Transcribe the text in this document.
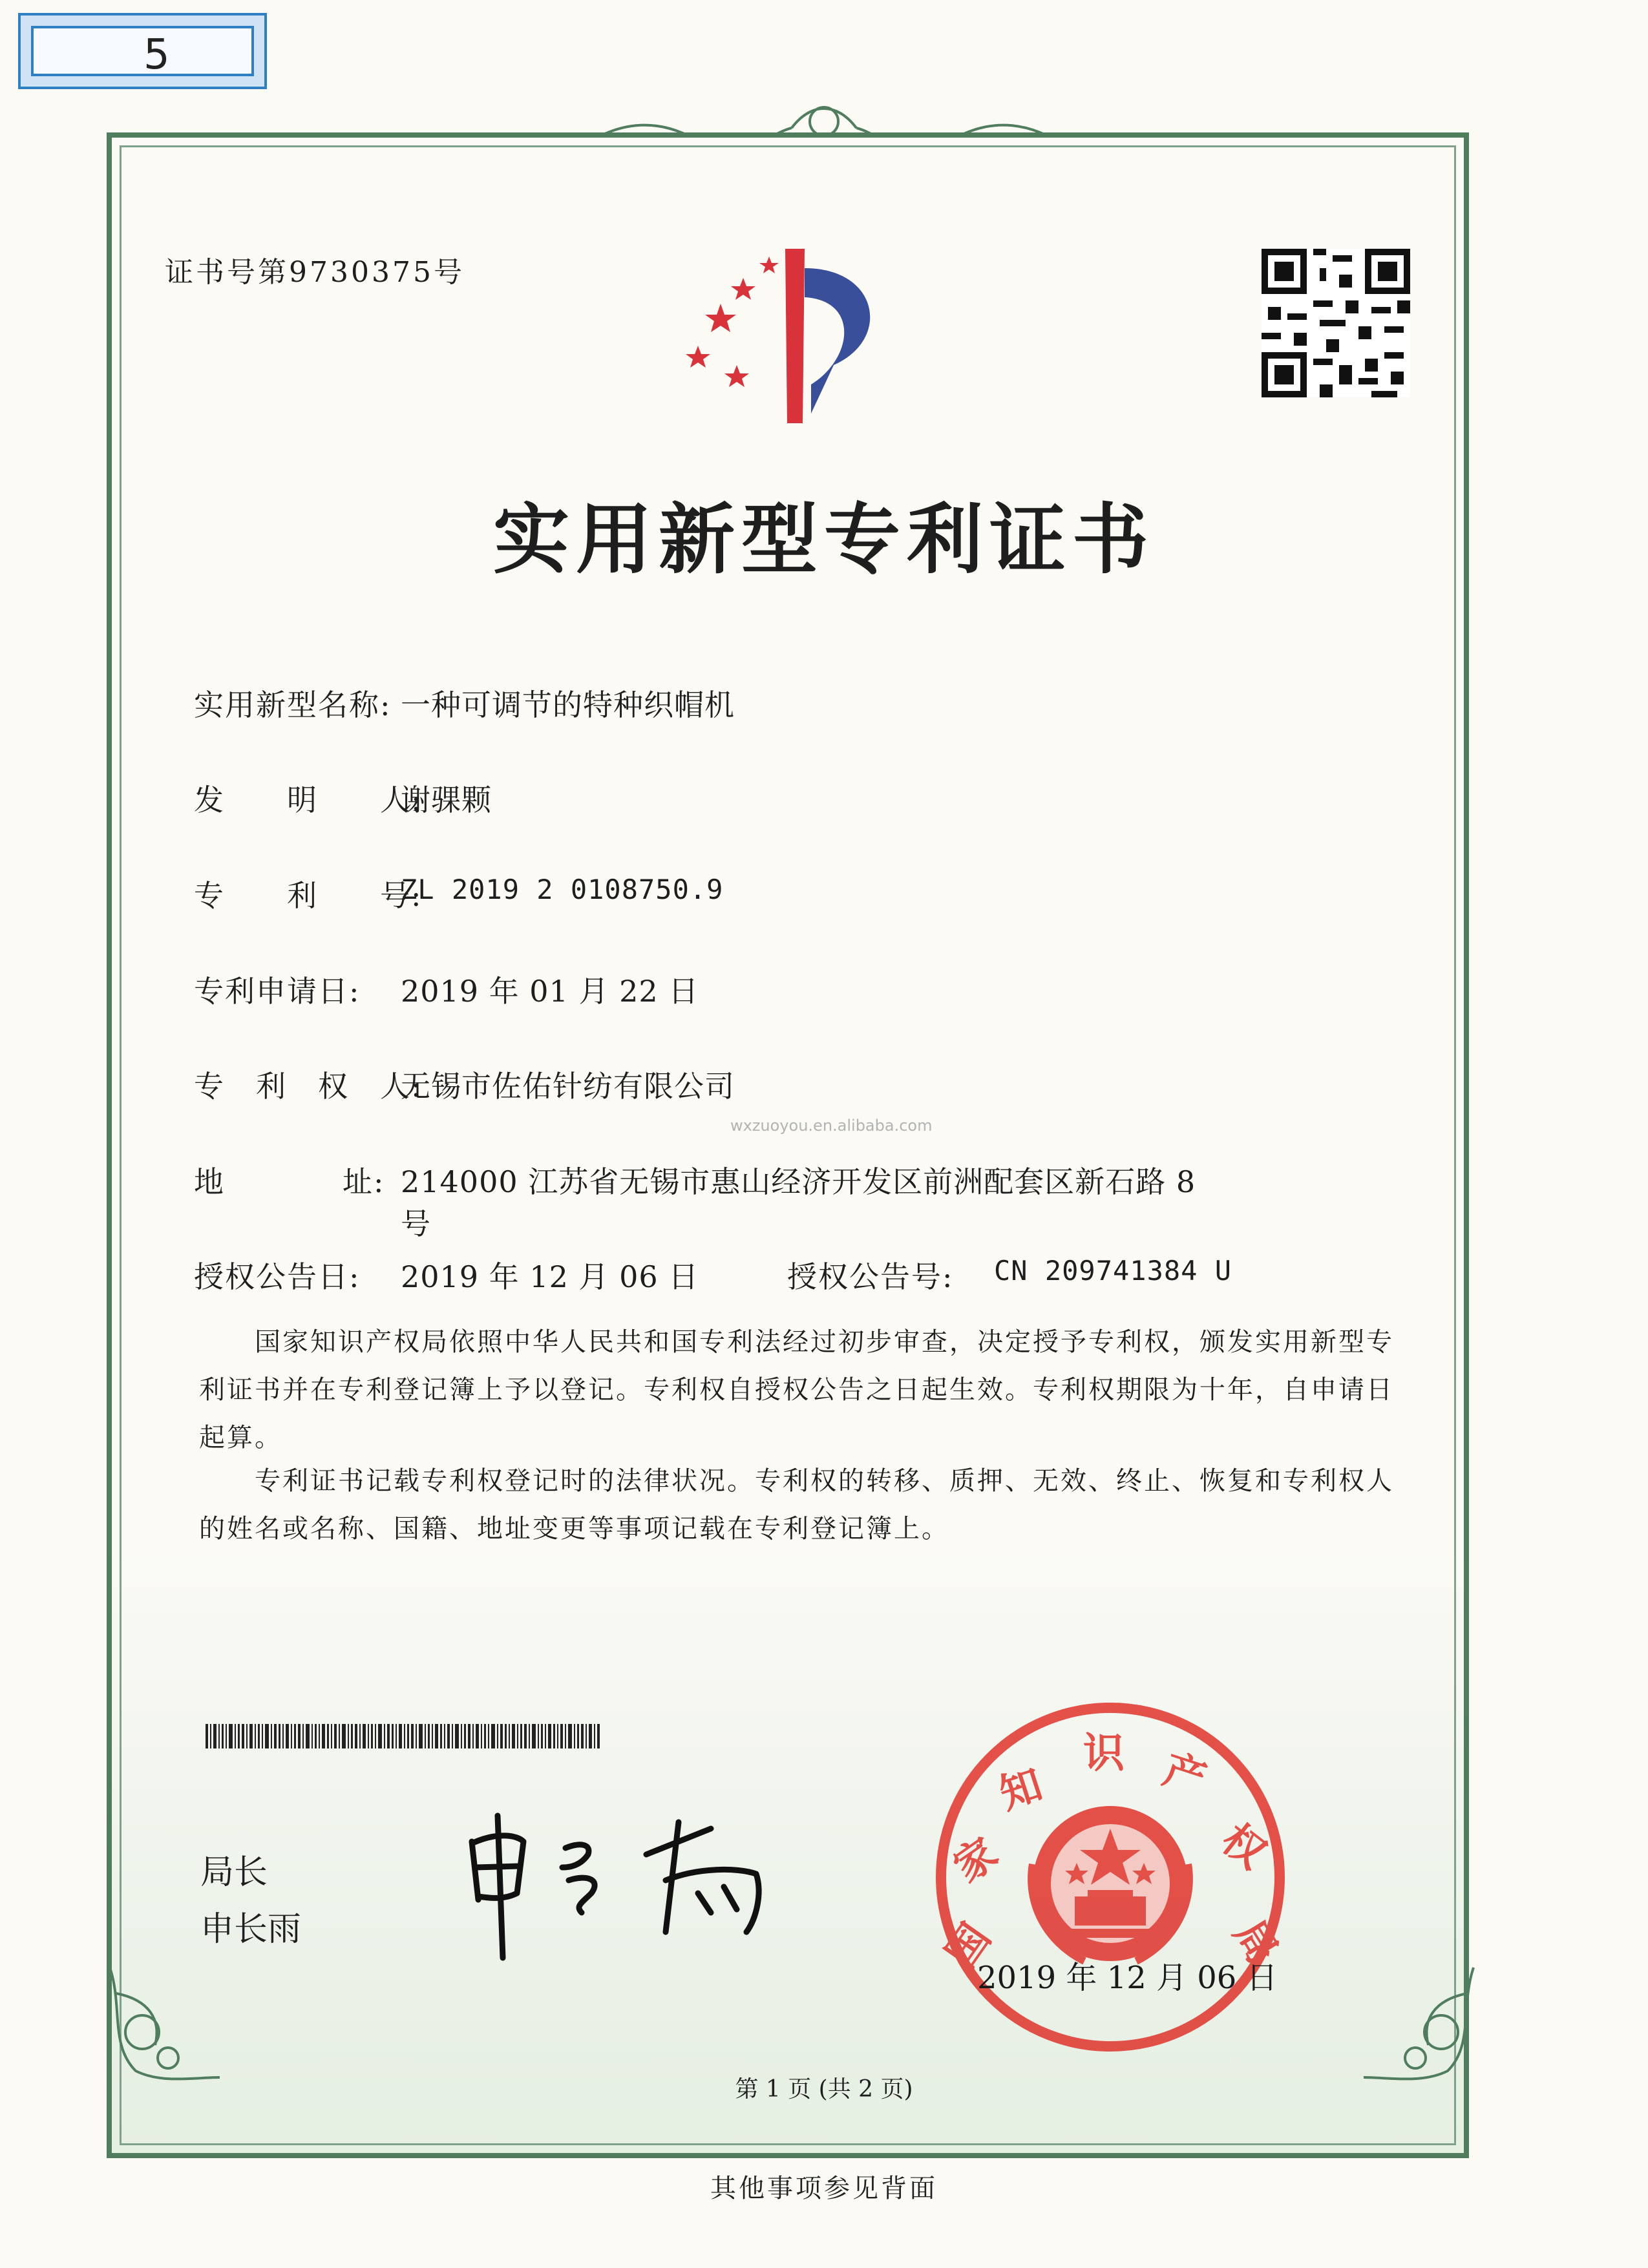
5
证书号第9730375号
实用新型专利证书
实用新型名称: 一种可调节的特种织帽机
发　　明　　人:
谢骒颗
专　　利　　号:
ZL 2019 2 0108750.9
专利申请日: 2019 年 01 月 22 日
专　利　权　人:
无锡市佐佑针纺有限公司
wxzuoyou.en.alibaba.com
地	址: 214000 江苏省无锡市惠山经济开发区前洲配套区新石路 8
号
授权公告日: 2019 年 12 月 06 日	授权公告号: CN 209741384 U
　　国家知识产权局依照中华人民共和国专利法经过初步审查，决定授予专利权，颁发实用新型专利证书并在专利登记簿上予以登记。专利权自授权公告之日起生效。专利权期限为十年，自申请日起算。
　　专利证书记载专利权登记时的法律状况。专利权的转移、质押、无效、终止、恢复和专利权人的姓名或名称、国籍、地址变更等事项记载在专利登记簿上。
局长
申长雨	国
家
知
识 产
权
局
2019 年 12 月 06 日
第 1 页 (共 2 页)
其他事项参见背面
